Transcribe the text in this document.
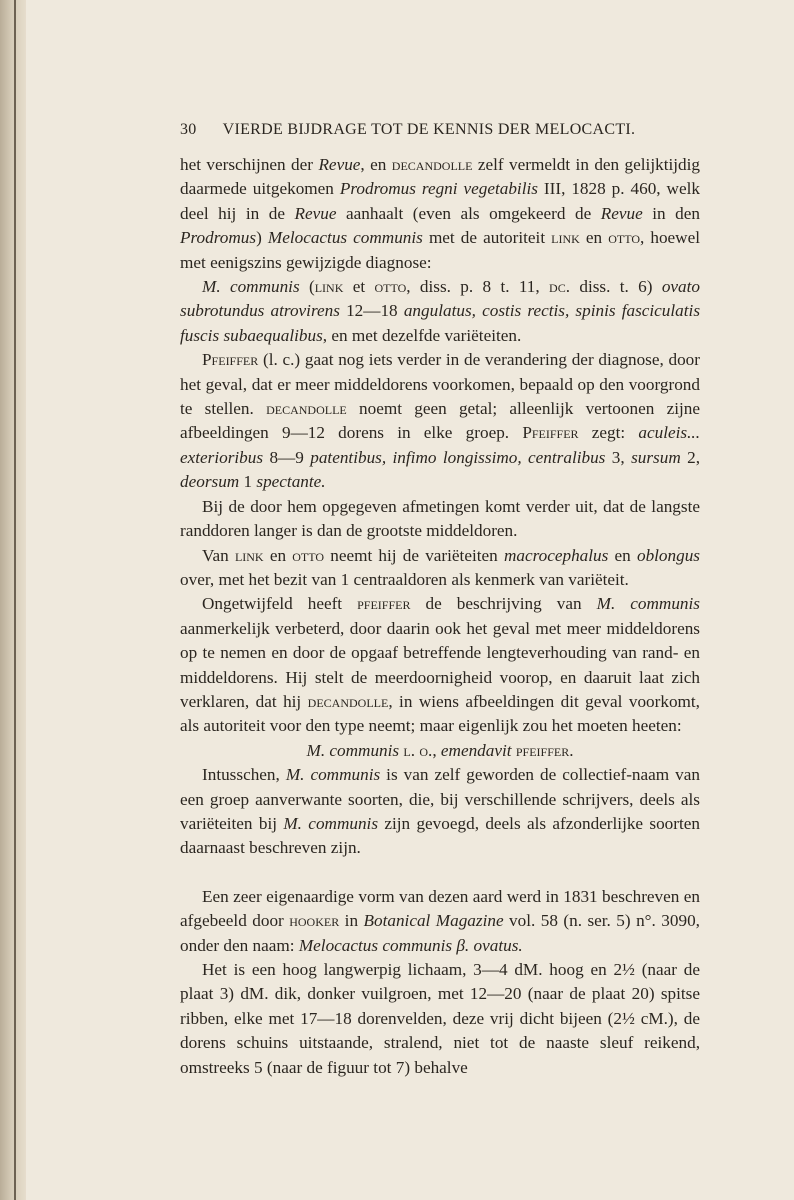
30 VIERDE BIJDRAGE TOT DE KENNIS DER MELOCACTI.

het verschijnen der Revue, en decandolle zelf vermeldt in den gelijktijdig daarmede uitgekomen Prodromus regni vegetabilis III, 1828 p. 460, welk deel hij in de Revue aanhaalt (even als omgekeerd de Revue in den Prodromus) Melocactus communis met de autoriteit link en otto, hoewel met eenigszins gewijzigde diagnose:

M. communis (link et otto, diss. p. 8 t. 11, dc. diss. t. 6) ovato subrotundus atrovirens 12—18 angulatus, costis rectis, spinis fasciculatis fuscis subaequalibus, en met dezelfde variëteiten.

Pfeiffer (l. c.) gaat nog iets verder in de verandering der diagnose, door het geval, dat er meer middeldorens voorkomen, bepaald op den voorgrond te stellen. decandolle noemt geen getal; alleenlijk vertoonen zijne afbeeldingen 9—12 dorens in elke groep. Pfeiffer zegt: aculeis... exterioribus 8—9 patentibus, infimo longissimo, centralibus 3, sursum 2, deorsum 1 spectante.

Bij de door hem opgegeven afmetingen komt verder uit, dat de langste randdoren langer is dan de grootste middeldoren.

Van link en otto neemt hij de variëteiten macrocephalus en oblongus over, met het bezit van 1 centraaldoren als kenmerk van variëteit.

Ongetwijfeld heeft pfeiffer de beschrijving van M. communis aanmerkelijk verbeterd, door daarin ook het geval met meer middeldorens op te nemen en door de opgaaf betreffende lengteverhouding van rand- en middeldorens. Hij stelt de meerdoornigheid voorop, en daaruit laat zich verklaren, dat hij decandolle, in wiens afbeeldingen dit geval voorkomt, als autoriteit voor den type neemt; maar eigenlijk zou het moeten heeten:

M. communis l. o., emendavit pfeiffer.

Intusschen, M. communis is van zelf geworden de collectief-naam van een groep aanverwante soorten, die, bij verschillende schrijvers, deels als variëteiten bij M. communis zijn gevoegd, deels als afzonderlijke soorten daarnaast beschreven zijn.

Een zeer eigenaardige vorm van dezen aard werd in 1831 beschreven en afgebeeld door hooker in Botanical Magazine vol. 58 (n. ser. 5) n°. 3090, onder den naam: Melocactus communis β. ovatus.

Het is een hoog langwerpig lichaam, 3—4 dM. hoog en 2½ (naar de plaat 3) dM. dik, donker vuilgroen, met 12—20 (naar de plaat 20) spitse ribben, elke met 17—18 dorenvelden, deze vrij dicht bijeen (2½ cM.), de dorens schuins uitstaande, stralend, niet tot de naaste sleuf reikend, omstreeks 5 (naar de figuur tot 7) behalve
